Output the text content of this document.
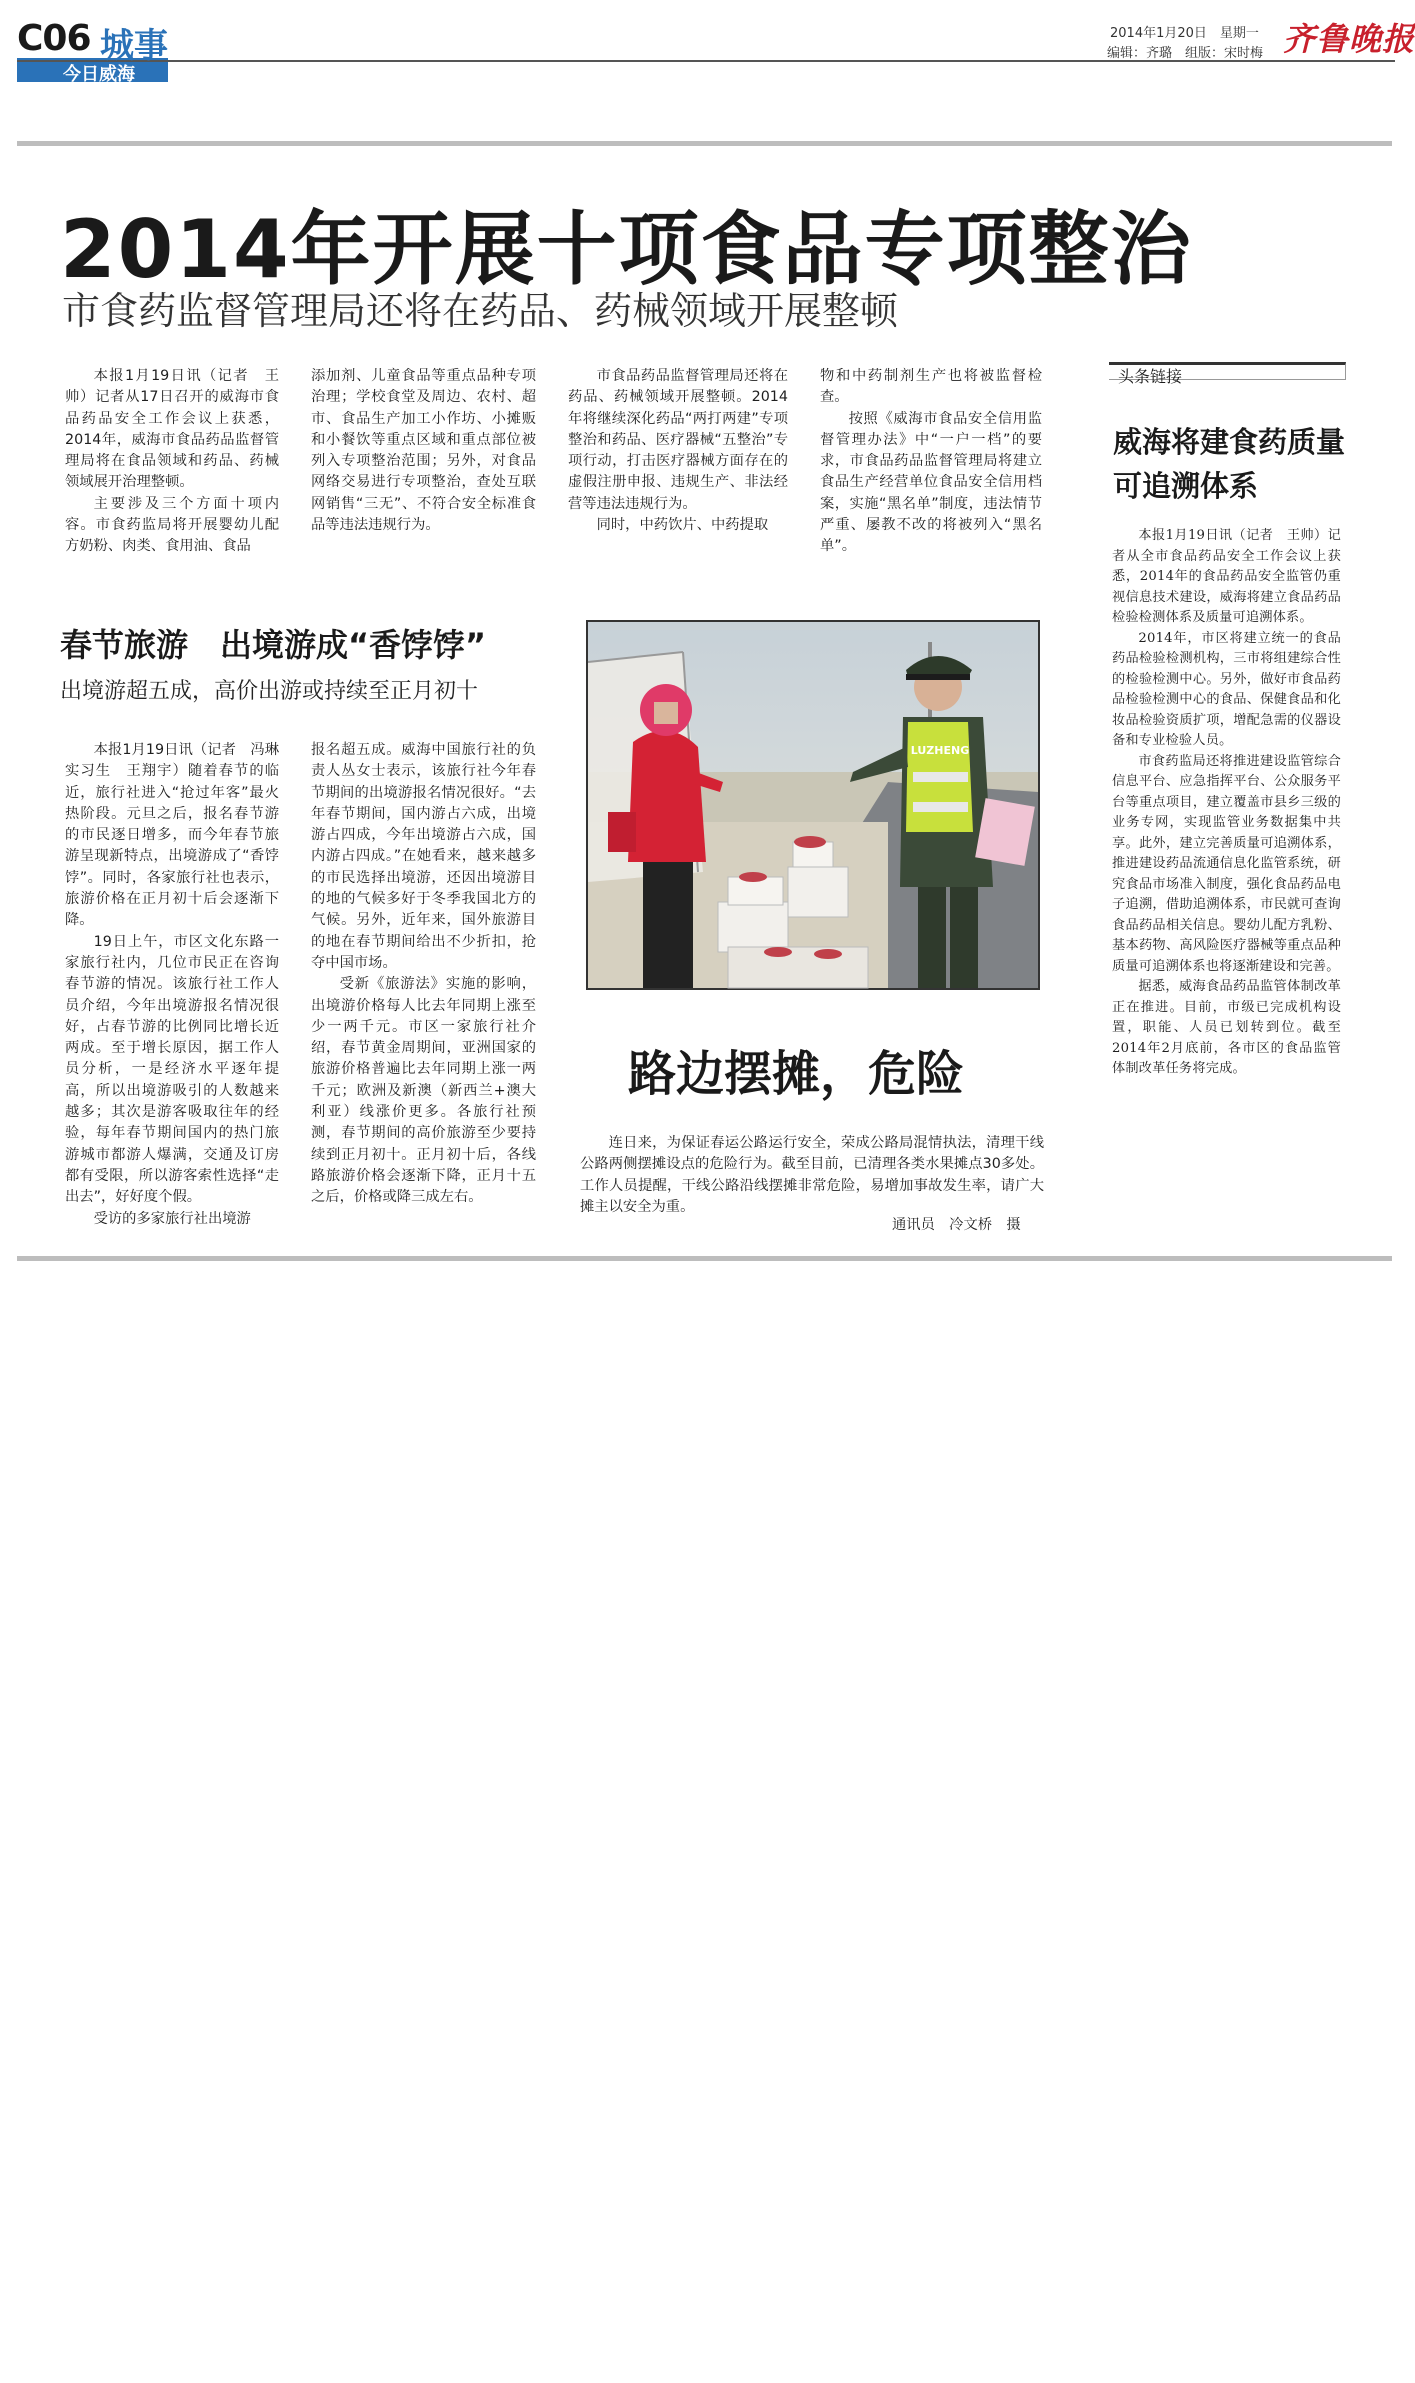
C06 城事
今日威海
2014年1月20日　星期一
编辑：齐璐　组版：宋时梅 齐鲁晚报
2014年开展十项食品专项整治
市食药监督管理局还将在药品、药械领域开展整顿

本报1月19日讯（记者　王帅）记者从17日召开的威海市食品药品安全工作会议上获悉，2014年，威海市食品药品监督管理局将在食品领域和药品、药械领域展开治理整顿。

主要涉及三个方面十项内容。市食药监局将开展婴幼儿配方奶粉、肉类、食用油、食品

添加剂、儿童食品等重点品种专项治理；学校食堂及周边、农村、超市、食品生产加工小作坊、小摊贩和小餐饮等重点区域和重点部位被列入专项整治范围；另外，对食品网络交易进行专项整治，查处互联网销售“三无”、不符合安全标准食品等违法违规行为。

市食品药品监督管理局还将在药品、药械领域开展整顿。2014年将继续深化药品“两打两建”专项整治和药品、医疗器械“五整治”专项行动，打击医疗器械方面存在的虚假注册申报、违规生产、非法经营等违法违规行为。

同时，中药饮片、中药提取

物和中药制剂生产也将被监督检查。

按照《威海市食品安全信用监督管理办法》中“一户一档”的要求，市食品药品监督管理局将建立食品生产经营单位食品安全信用档案，实施“黑名单”制度，违法情节严重、屡教不改的将被列入“黑名单”。

春节旅游　出境游成“香饽饽”
出境游超五成，高价出游或持续至正月初十

本报1月19日讯（记者　冯琳　实习生　王翔宇）随着春节的临近，旅行社进入“抢过年客”最火热阶段。元旦之后，报名春节游的市民逐日增多，而今年春节旅游呈现新特点，出境游成了“香饽饽”。同时，各家旅行社也表示，旅游价格在正月初十后会逐渐下降。

19日上午，市区文化东路一家旅行社内，几位市民正在咨询春节游的情况。该旅行社工作人员介绍，今年出境游报名情况很好，占春节游的比例同比增长近两成。至于增长原因，据工作人员分析，一是经济水平逐年提高，所以出境游吸引的人数越来越多；其次是游客吸取往年的经验，每年春节期间国内的热门旅游城市都游人爆满，交通及订房都有受限，所以游客索性选择“走出去”，好好度个假。

受访的多家旅行社出境游

报名超五成。威海中国旅行社的负责人丛女士表示，该旅行社今年春节期间的出境游报名情况很好。“去年春节期间，国内游占六成，出境游占四成，今年出境游占六成，国内游占四成。”在她看来，越来越多的市民选择出境游，还因出境游目的地的气候多好于冬季我国北方的气候。另外，近年来，国外旅游目的地在春节期间给出不少折扣，抢夺中国市场。

受新《旅游法》实施的影响，出境游价格每人比去年同期上涨至少一两千元。市区一家旅行社介绍，春节黄金周期间，亚洲国家的旅游价格普遍比去年同期上涨一两千元；欧洲及新澳（新西兰+澳大利亚）线涨价更多。各旅行社预测，春节期间的高价旅游至少要持续到正月初十。正月初十后，各线路旅游价格会逐渐下降，正月十五之后，价格或降三成左右。

LUZHENG
路边摆摊，危险

连日来，为保证春运公路运行安全，荣成公路局混情执法，清理干线公路两侧摆摊设点的危险行为。截至目前，已清理各类水果摊点30多处。工作人员提醒，干线公路沿线摆摊非常危险，易增加事故发生率，请广大摊主以安全为重。

通讯员　冷文桥　摄
头条链接
威海将建食药质量可追溯体系

本报1月19日讯（记者　王帅）记者从全市食品药品安全工作会议上获悉，2014年的食品药品安全监管仍重视信息技术建设，威海将建立食品药品检验检测体系及质量可追溯体系。

2014年，市区将建立统一的食品药品检验检测机构，三市将组建综合性的检验检测中心。另外，做好市食品药品检验检测中心的食品、保健食品和化妆品检验资质扩项，增配急需的仪器设备和专业检验人员。

市食药监局还将推进建设监管综合信息平台、应急指挥平台、公众服务平台等重点项目，建立覆盖市县乡三级的业务专网，实现监管业务数据集中共享。此外，建立完善质量可追溯体系，推进建设药品流通信息化监管系统，研究食品市场准入制度，强化食品药品电子追溯，借助追溯体系，市民就可查询食品药品相关信息。婴幼儿配方乳粉、基本药物、高风险医疗器械等重点品种质量可追溯体系也将逐渐建设和完善。

据悉，威海食品药品监管体制改革正在推进。目前，市级已完成机构设置，职能、人员已划转到位。截至2014年2月底前，各市区的食品监管体制改革任务将完成。
